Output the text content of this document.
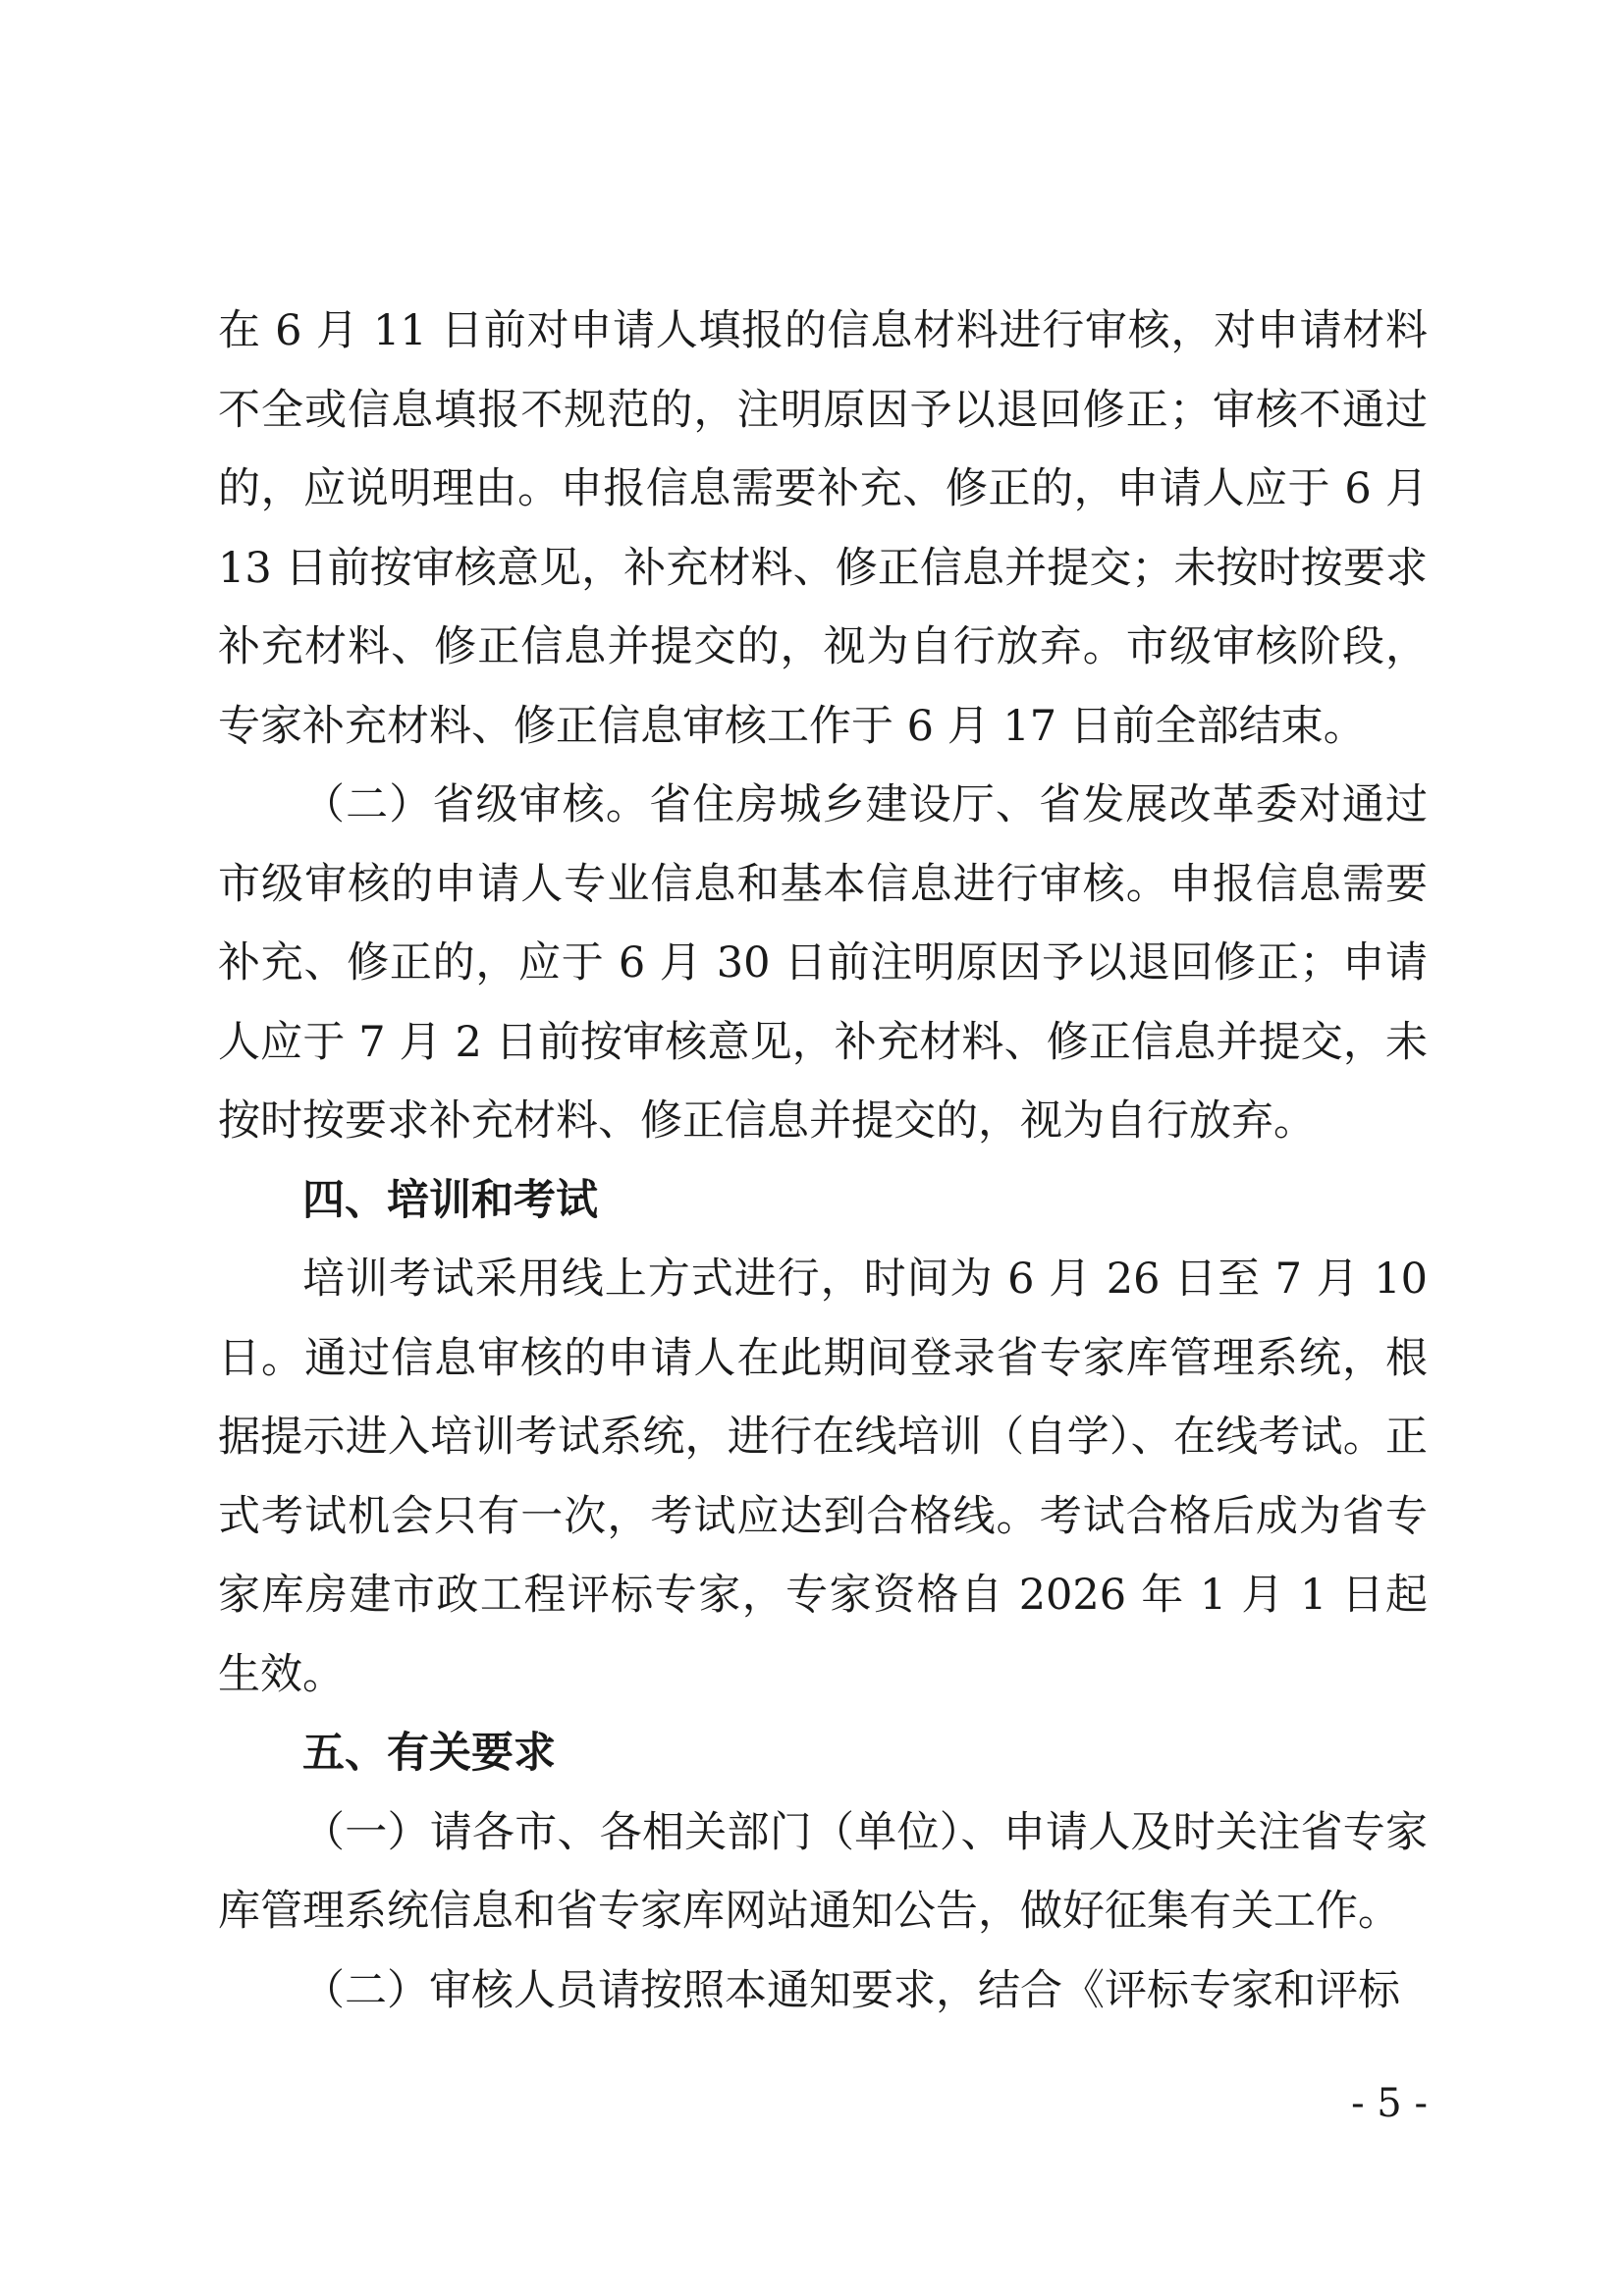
在 6 月 11 日前对申请人填报的信息材料进行审核，对申请材料不全或信息填报不规范的，注明原因予以退回修正；审核不通过的，应说明理由。申报信息需要补充、修正的，申请人应于 6 月 13 日前按审核意见，补充材料、修正信息并提交；未按时按要求补充材料、修正信息并提交的，视为自行放弃。市级审核阶段，专家补充材料、修正信息审核工作于 6 月 17 日前全部结束。

（二）省级审核。省住房城乡建设厅、省发展改革委对通过市级审核的申请人专业信息和基本信息进行审核。申报信息需要补充、修正的，应于 6 月 30 日前注明原因予以退回修正；申请人应于 7 月 2 日前按审核意见，补充材料、修正信息并提交，未按时按要求补充材料、修正信息并提交的，视为自行放弃。

四、培训和考试

培训考试采用线上方式进行，时间为 6 月 26 日至 7 月 10 日。通过信息审核的申请人在此期间登录省专家库管理系统，根据提示进入培训考试系统，进行在线培训（自学）、在线考试。正式考试机会只有一次，考试应达到合格线。考试合格后成为省专家库房建市政工程评标专家，专家资格自 2026 年 1 月 1 日起生效。

五、有关要求

（一）请各市、各相关部门（单位）、申请人及时关注省专家库管理系统信息和省专家库网站通知公告，做好征集有关工作。

（二）审核人员请按照本通知要求，结合《评标专家和评标

- 5 -
